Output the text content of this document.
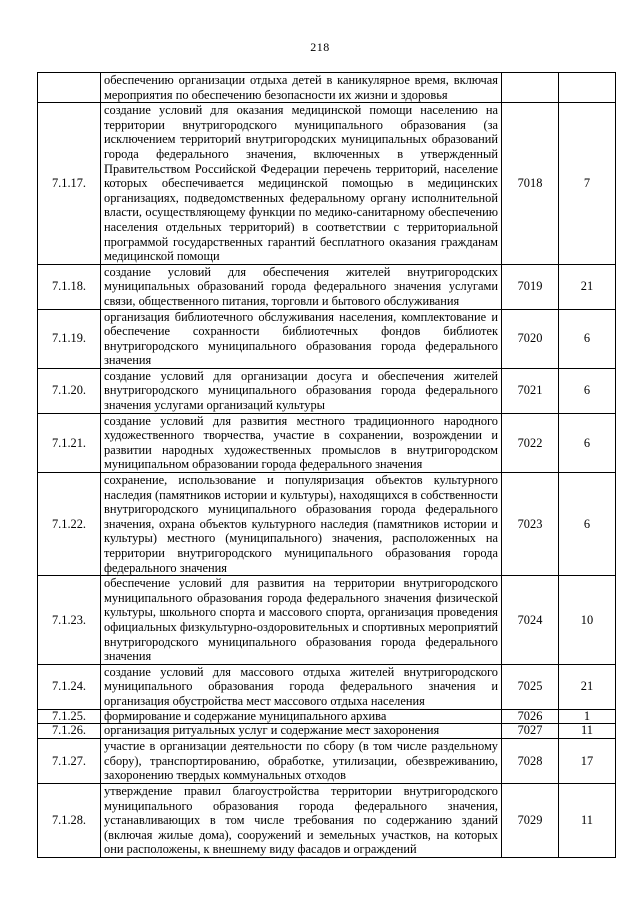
218
	обеспечению организации отдыха детей в каникулярное время, включая мероприятия по обеспечению безопасности их жизни и здоровья		
7.1.17.	создание условий для оказания медицинской помощи населению на территории внутригородского муниципального образования (за исключением территорий внутригородских муниципальных образований города федерального значения, включенных в утвержденный Правительством Российской Федерации перечень территорий, население которых обеспечивается медицинской помощью в медицинских организациях, подведомственных федеральному органу исполнительной власти, осуществляющему функции по медико-санитарному обеспечению населения отдельных территорий) в соответствии с территориальной программой государственных гарантий бесплатного оказания гражданам медицинской помощи	7018	7
7.1.18.	создание условий для обеспечения жителей внутригородских муниципальных образований города федерального значения услугами связи, общественного питания, торговли и бытового обслуживания	7019	21
7.1.19.	организация библиотечного обслуживания населения, комплектование и обеспечение сохранности библиотечных фондов библиотек внутригородского муниципального образования города федерального значения	7020	6
7.1.20.	создание условий для организации досуга и обеспечения жителей внутригородского муниципального образования города федерального значения услугами организаций культуры	7021	6
7.1.21.	создание условий для развития местного традиционного народного художественного творчества, участие в сохранении, возрождении и развитии народных художественных промыслов в внутригородском муниципальном образовании города федерального значения	7022	6
7.1.22.	сохранение, использование и популяризация объектов культурного наследия (памятников истории и культуры), находящихся в собственности внутригородского муниципального образования города федерального значения, охрана объектов культурного наследия (памятников истории и культуры) местного (муниципального) значения, расположенных на территории внутригородского муниципального образования города федерального значения	7023	6
7.1.23.	обеспечение условий для развития на территории внутригородского муниципального образования города федерального значения физической культуры, школьного спорта и массового спорта, организация проведения официальных физкультурно-оздоровительных и спортивных мероприятий внутригородского муниципального образования города федерального значения	7024	10
7.1.24.	создание условий для массового отдыха жителей внутригородского муниципального образования города федерального значения и организация обустройства мест массового отдыха населения	7025	21
7.1.25.	формирование и содержание муниципального архива	7026	1
7.1.26.	организация ритуальных услуг и содержание мест захоронения	7027	11
7.1.27.	участие в организации деятельности по сбору (в том числе раздельному сбору), транспортированию, обработке, утилизации, обезвреживанию, захоронению твердых коммунальных отходов	7028	17
7.1.28.	утверждение правил благоустройства территории внутригородского муниципального образования города федерального значения, устанавливающих в том числе требования по содержанию зданий (включая жилые дома), сооружений и земельных участков, на которых они расположены, к внешнему виду фасадов и ограждений	7029	11
